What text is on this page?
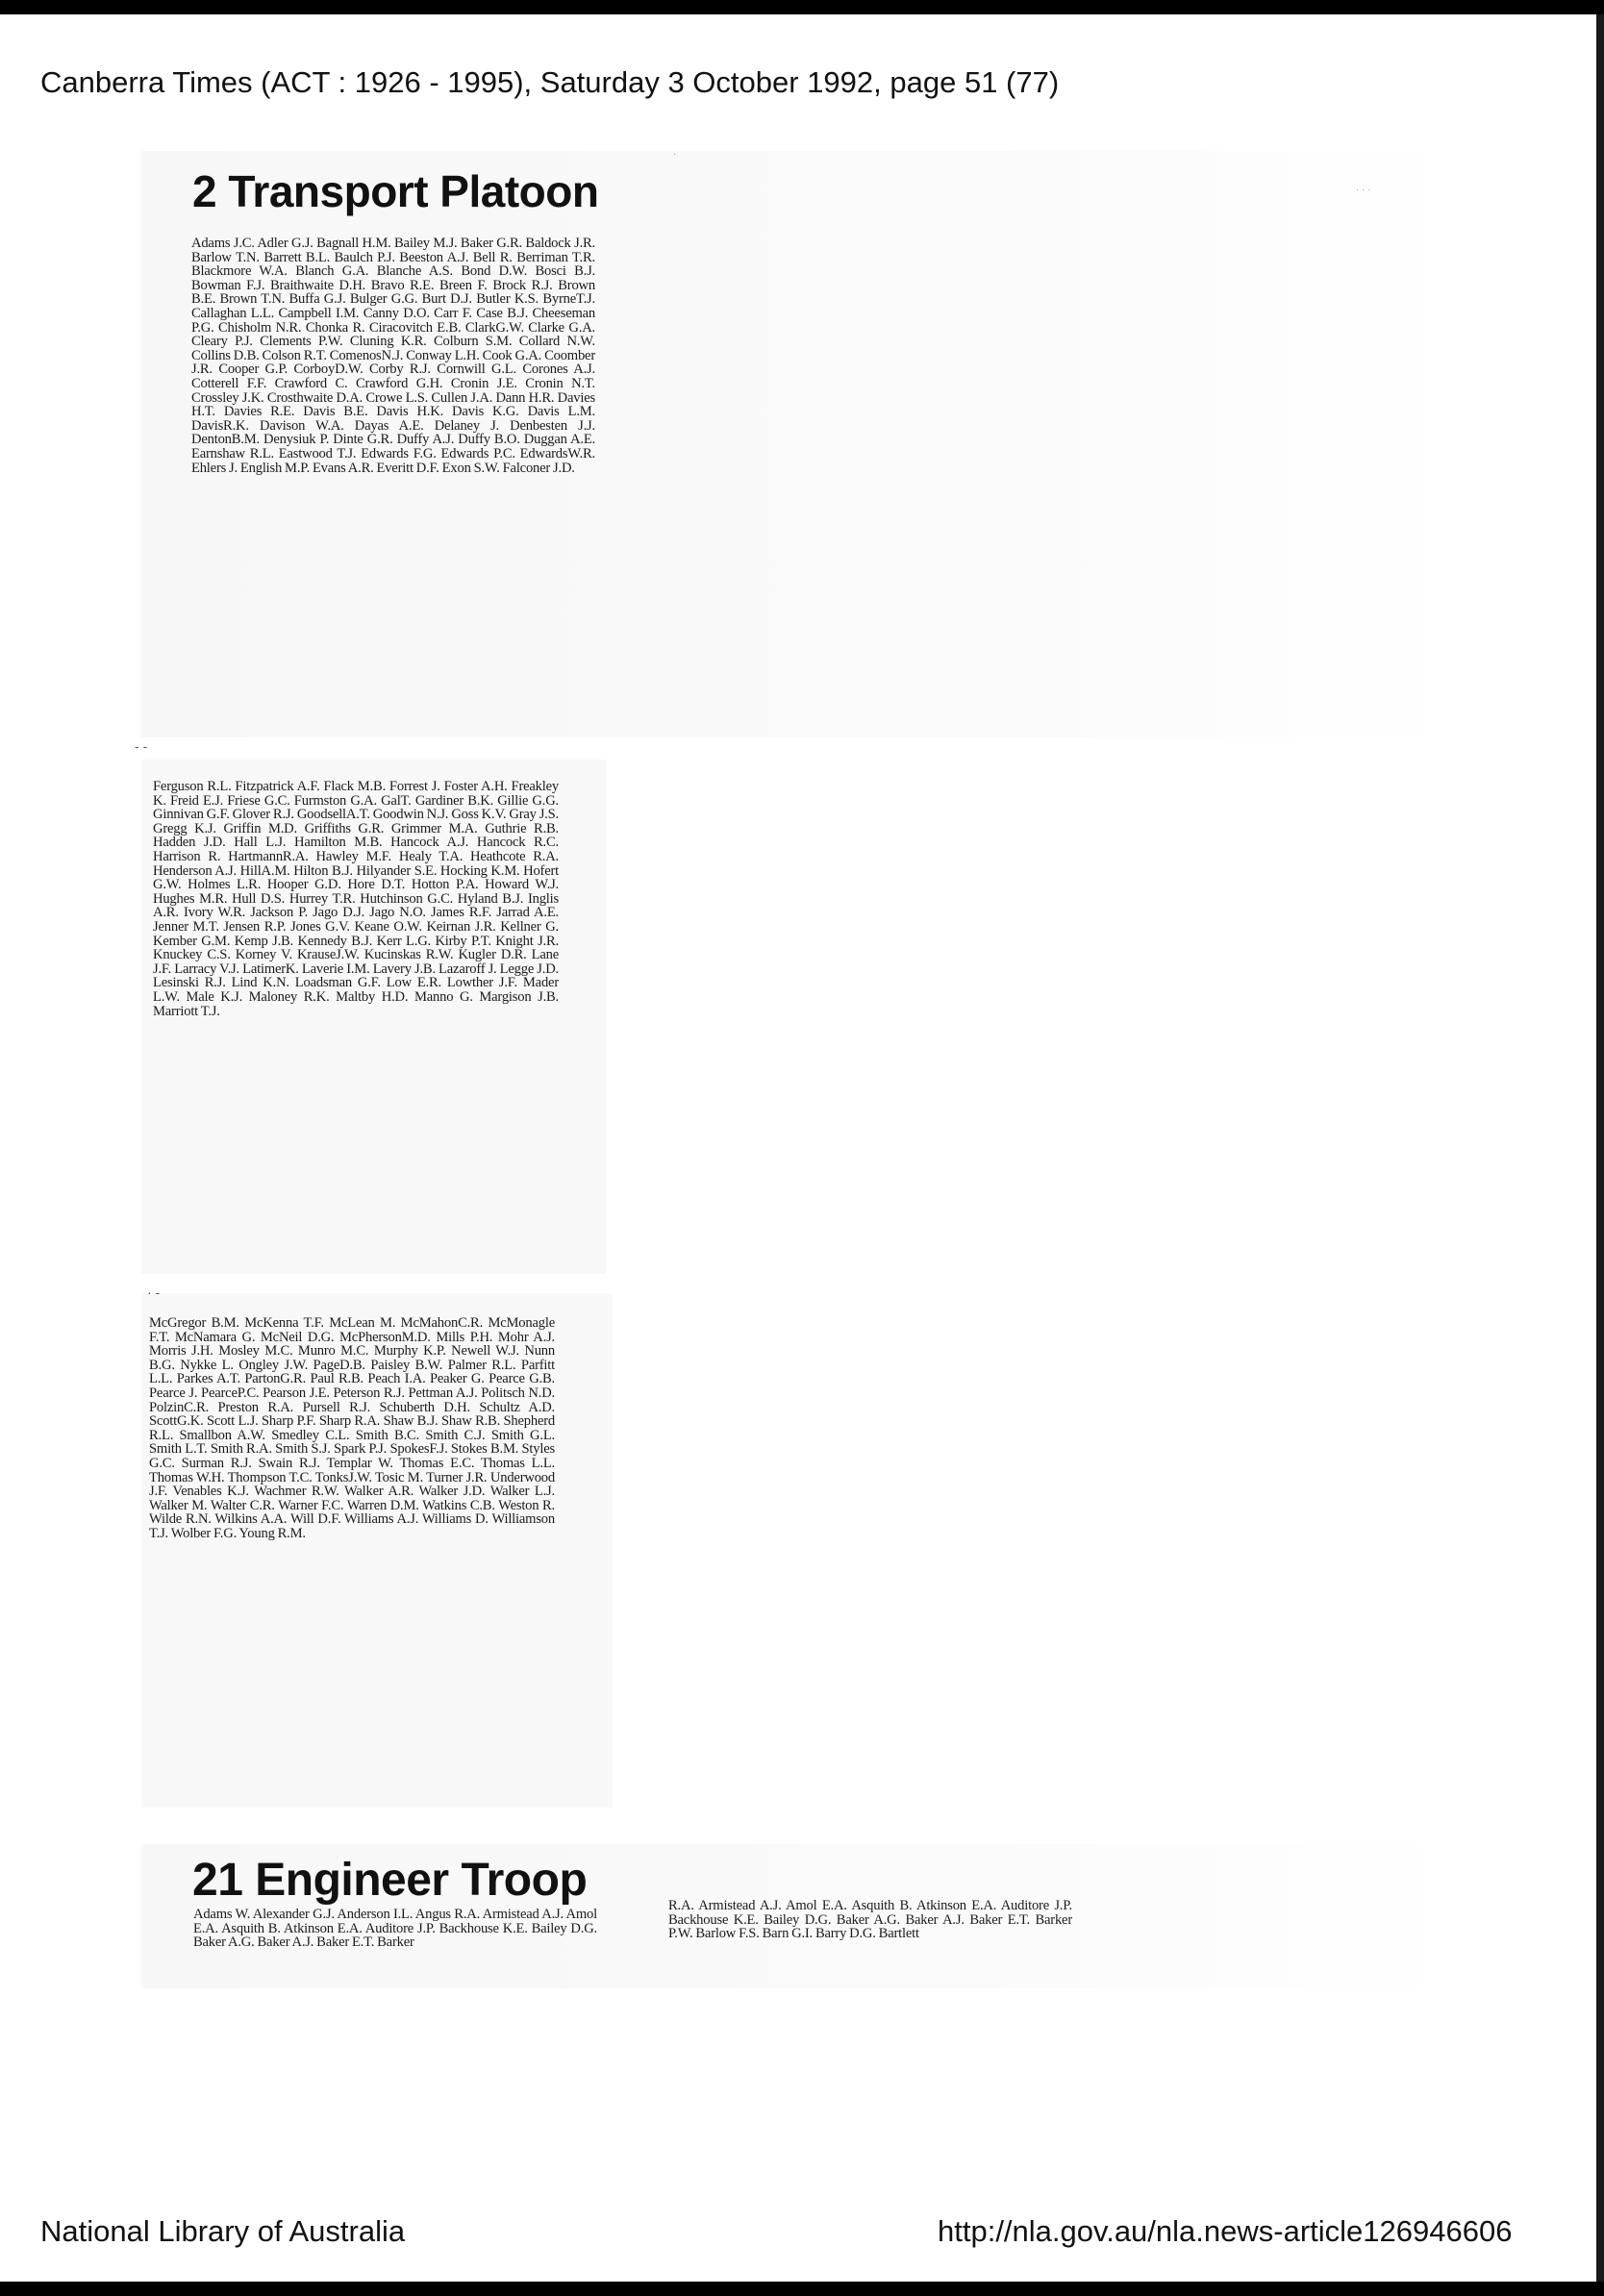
Canberra Times (ACT : 1926 - 1995), Saturday 3 October 1992, page 51 (77)
·
· · ·
2 Transport Platoon
Adams J.C. Adler G.J. Bagnall H.M. Bailey M.J. Baker G.R. Baldock J.R. Barlow T.N. Barrett B.L. Baulch P.J. Beeston A.J. Bell R. Berriman T.R. Blackmore W.A. Blanch G.A. Blanche A.S. Bond D.W. Bosci B.J. Bowman F.J. Braithwaite D.H. Bravo R.E. Breen F. Brock R.J. Brown B.E. Brown T.N. Buffa G.J. Bulger G.G. Burt D.J. Butler K.S. ByrneT.J. Callaghan L.L. Campbell I.M. Canny D.O. Carr F. Case B.J. Cheeseman P.G. Chisholm N.R. Chonka R. Ciracovitch E.B. ClarkG.W. Clarke G.A. Cleary P.J. Clements P.W. Cluning K.R. Colburn S.M. Collard N.W. Collins D.B. Colson R.T. ComenosN.J. Conway L.H. Cook G.A. Coomber J.R. Cooper G.P. CorboyD.W. Corby R.J. Cornwill G.L. Corones A.J. Cotterell F.F. Crawford C. Crawford G.H. Cronin J.E. Cronin N.T. Crossley J.K. Crosthwaite D.A. Crowe L.S. Cullen J.A. Dann H.R. Davies H.T. Davies R.E. Davis B.E. Davis H.K. Davis K.G. Davis L.M. DavisR.K. Davison W.A. Dayas A.E. Delaney J. Denbesten J.J. DentonB.M. Denysiuk P. Dinte G.R. Duffy A.J. Duffy B.O. Duggan A.E. Earnshaw R.L. Eastwood T.J. Edwards F.G. Edwards P.C. EdwardsW.R. Ehlers J. English M.P. Evans A.R. Everitt D.F. Exon S.W. Falconer J.D.
- -
Ferguson R.L. Fitzpatrick A.F. Flack M.B. Forrest J. Foster A.H. Freakley K. Freid E.J. Friese G.C. Furmston G.A. GalT. Gardiner B.K. Gillie G.G. Ginnivan G.F. Glover R.J. GoodsellA.T. Goodwin N.J. Goss K.V. Gray J.S. Gregg K.J. Griffin M.D. Griffiths G.R. Grimmer M.A. Guthrie R.B. Hadden J.D. Hall L.J. Hamilton M.B. Hancock A.J. Hancock R.C. Harrison R. HartmannR.A. Hawley M.F. Healy T.A. Heathcote R.A. Henderson A.J. HillA.M. Hilton B.J. Hilyander S.E. Hocking K.M. Hofert G.W. Holmes L.R. Hooper G.D. Hore D.T. Hotton P.A. Howard W.J. Hughes M.R. Hull D.S. Hurrey T.R. Hutchinson G.C. Hyland B.J. Inglis A.R. Ivory W.R. Jackson P. Jago D.J. Jago N.O. James R.F. Jarrad A.E. Jenner M.T. Jensen R.P. Jones G.V. Keane O.W. Keirnan J.R. Kellner G. Kember G.M. Kemp J.B. Kennedy B.J. Kerr L.G. Kirby P.T. Knight J.R. Knuckey C.S. Korney V. KrauseJ.W. Kucinskas R.W. Kugler D.R. Lane J.F. Larracy V.J. LatimerK. Laverie I.M. Lavery J.B. Lazaroff J. Legge J.D. Lesinski R.J. Lind K.N. Loadsman G.F. Low E.R. Lowther J.F. Mader L.W. Male K.J. Maloney R.K. Maltby H.D. Manno G. Margison J.B. Marriott T.J.
· -
McGregor B.M. McKenna T.F. McLean M. McMahonC.R. McMonagle F.T. McNamara G. McNeil D.G. McPhersonM.D. Mills P.H. Mohr A.J. Morris J.H. Mosley M.C. Munro M.C. Murphy K.P. Newell W.J. Nunn B.G. Nykke L. Ongley J.W. PageD.B. Paisley B.W. Palmer R.L. Parfitt L.L. Parkes A.T. PartonG.R. Paul R.B. Peach I.A. Peaker G. Pearce G.B. Pearce J. PearceP.C. Pearson J.E. Peterson R.J. Pettman A.J. Politsch N.D. PolzinC.R. Preston R.A. Pursell R.J. Schuberth D.H. Schultz A.D. ScottG.K. Scott L.J. Sharp P.F. Sharp R.A. Shaw B.J. Shaw R.B. Shepherd R.L. Smallbon A.W. Smedley C.L. Smith B.C. Smith C.J. Smith G.L. Smith L.T. Smith R.A. Smith S.J. Spark P.J. SpokesF.J. Stokes B.M. Styles G.C. Surman R.J. Swain R.J. Templar W. Thomas E.C. Thomas L.L. Thomas W.H. Thompson T.C. TonksJ.W. Tosic M. Turner J.R. Underwood J.F. Venables K.J. Wachmer R.W. Walker A.R. Walker J.D. Walker L.J. Walker M. Walter C.R. Warner F.C. Warren D.M. Watkins C.B. Weston R. Wilde R.N. Wilkins A.A. Will D.F. Williams A.J. Williams D. Williamson T.J. Wolber F.G. Young R.M.
21 Engineer Troop
Adams W. Alexander G.J. Anderson I.L. Angus R.A. Armistead A.J. Amol E.A. Asquith B. Atkinson E.A. Auditore J.P. Backhouse K.E. Bailey D.G. Baker A.G. Baker A.J. Baker E.T. Barker
R.A. Armistead A.J. Amol E.A. Asquith B. Atkinson E.A. Auditore J.P. Backhouse K.E. Bailey D.G. Baker A.G. Baker A.J. Baker E.T. Barker P.W. Barlow F.S. Barn G.I. Barry D.G. Bartlett
National Library of Australia	http://nla.gov.au/nla.news-article126946606
